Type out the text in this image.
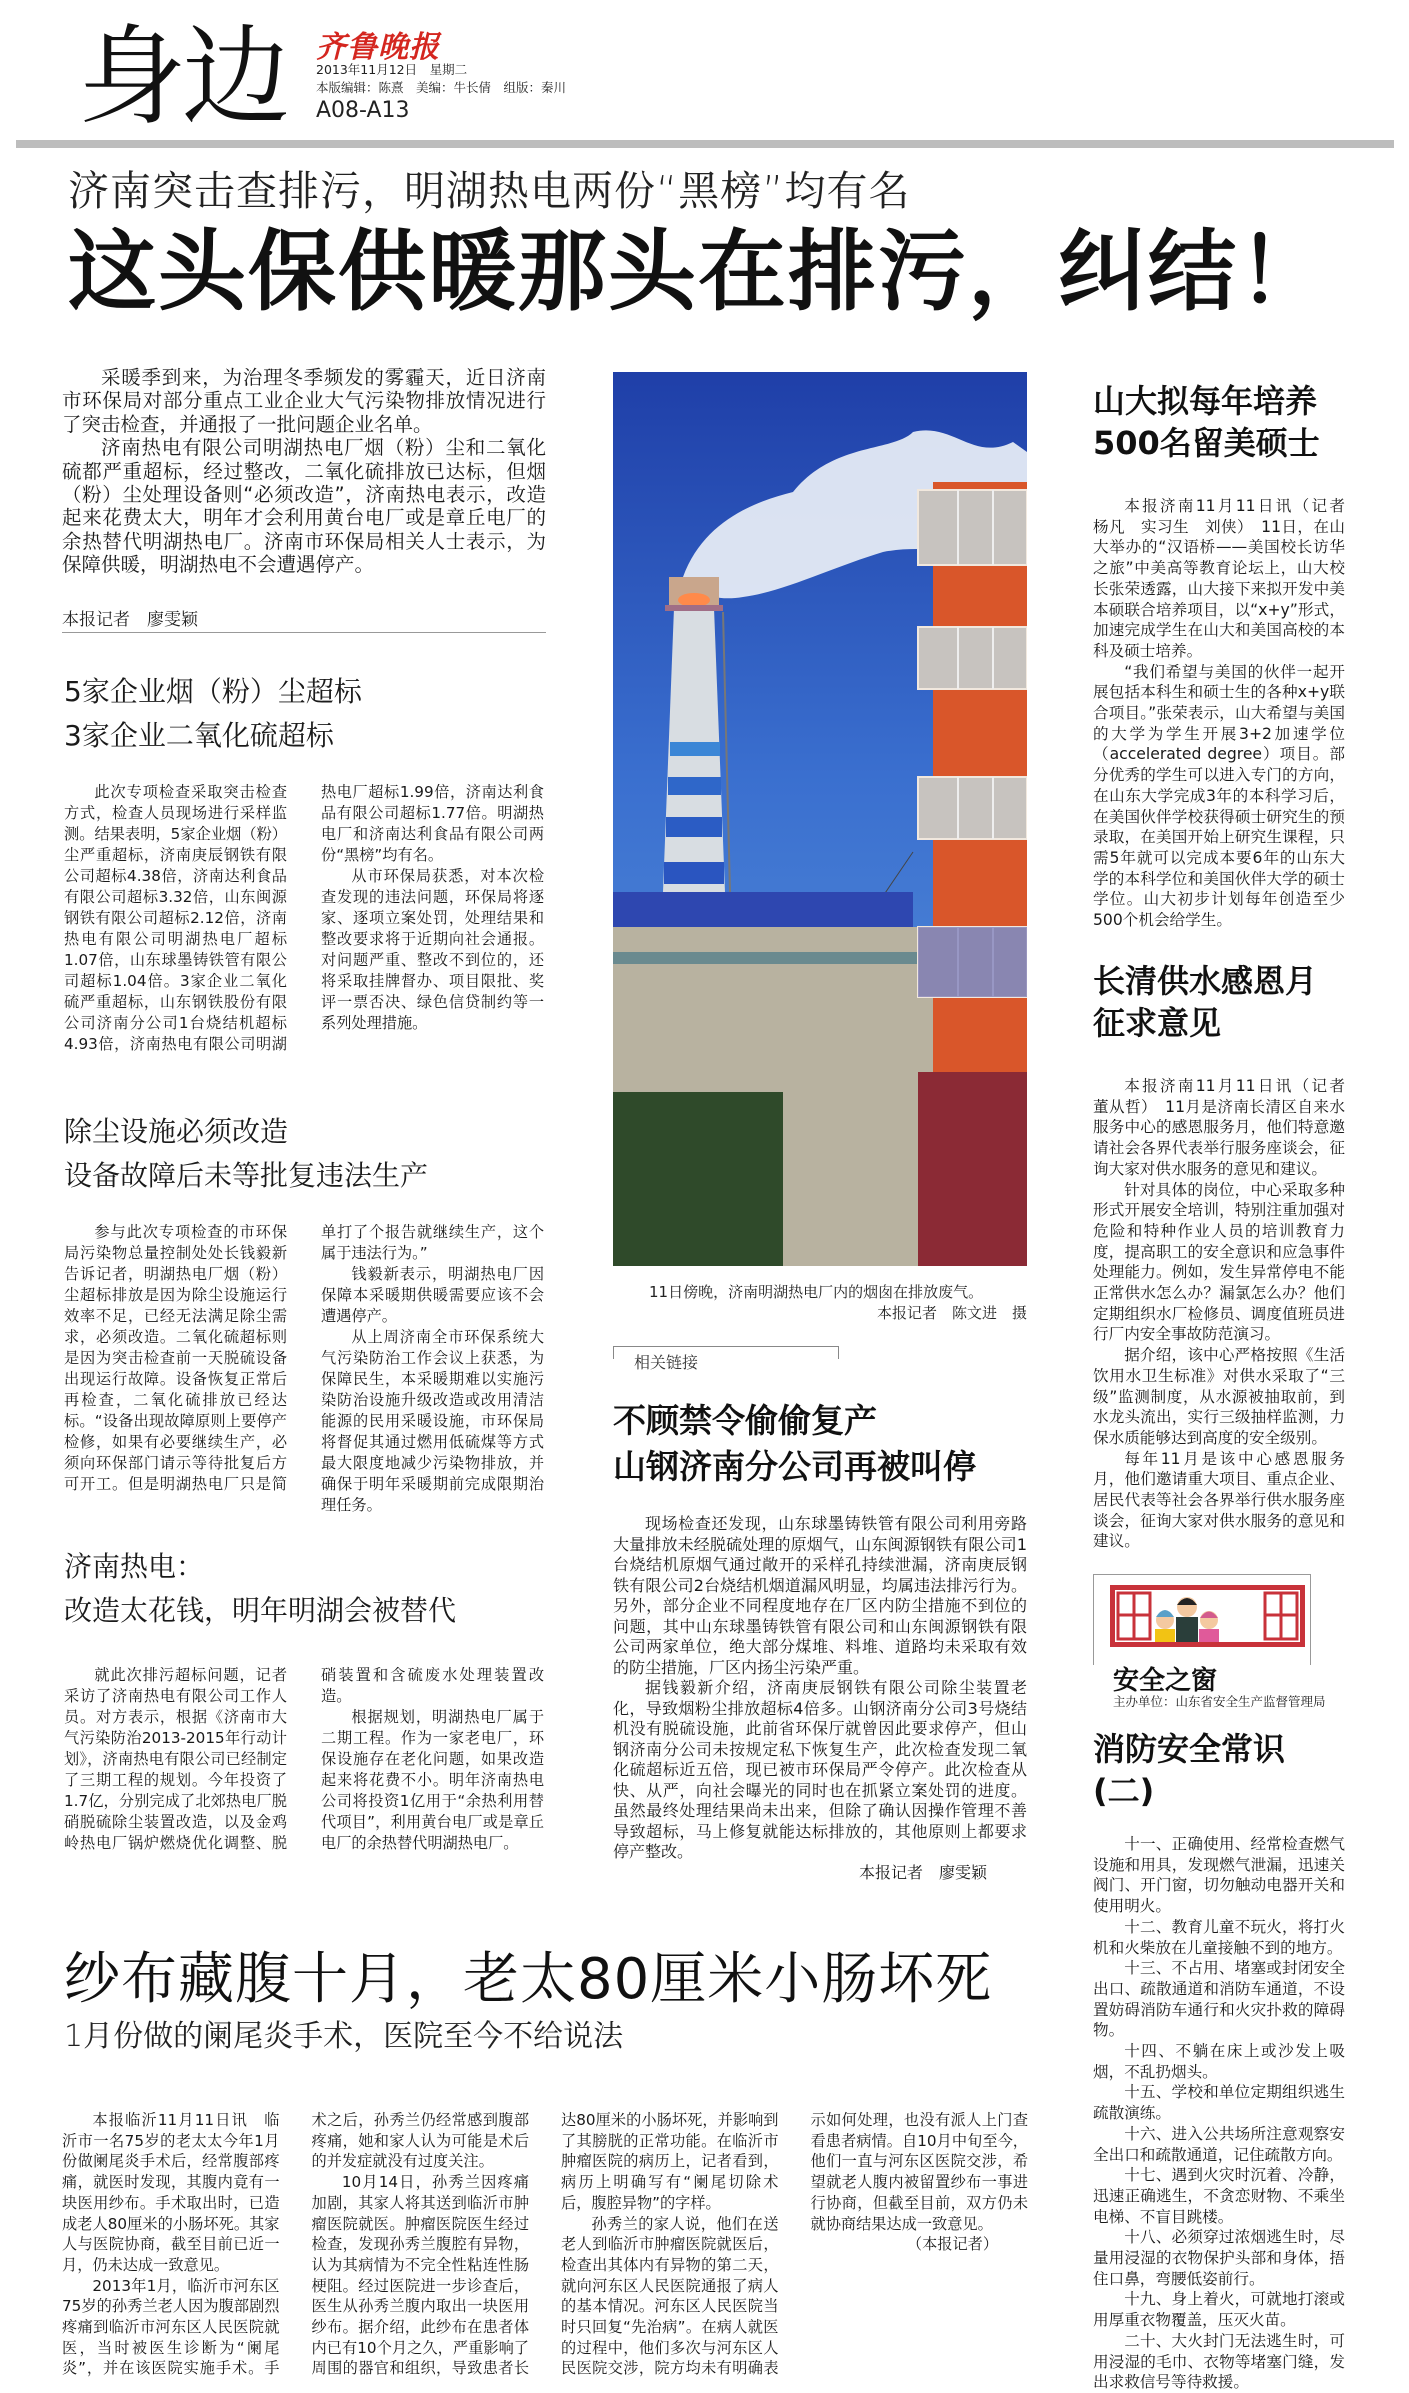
身边 齐鲁晚报
2013年11月12日　星期二
本版编辑：陈熹　美编：牛长倩　组版：秦川
A08-A13
济南突击查排污，明湖热电两份“黑榜”均有名
这头保供暖那头在排污，纠结！

采暖季到来，为治理冬季频发的雾霾天，近日济南市环保局对部分重点工业企业大气污染物排放情况进行了突击检查，并通报了一批问题企业名单。

济南热电有限公司明湖热电厂烟（粉）尘和二氧化硫都严重超标，经过整改，二氧化硫排放已达标，但烟（粉）尘处理设备则“必须改造”，济南热电表示，改造起来花费太大，明年才会利用黄台电厂或是章丘电厂的余热替代明湖热电厂。济南市环保局相关人士表示，为保障供暖，明湖热电不会遭遇停产。

本报记者　廖雯颖
5家企业烟（粉）尘超标
3家企业二氧化硫超标

此次专项检查采取突击检查方式，检查人员现场进行采样监测。结果表明，5家企业烟（粉）尘严重超标，济南庚辰钢铁有限公司超标4.38倍，济南达利食品有限公司超标3.32倍，山东闽源钢铁有限公司超标2.12倍，济南热电有限公司明湖热电厂超标1.07倍，山东球墨铸铁管有限公司超标1.04倍。3家企业二氧化硫严重超标，山东钢铁股份有限公司济南分公司1台烧结机超标4.93倍，济南热电有限公司明湖热电厂超标1.99倍，济南达利食品有限公司超标1.77倍。明湖热电厂和济南达利食品有限公司两份“黑榜”均有名。

从市环保局获悉，对本次检查发现的违法问题，环保局将逐家、逐项立案处罚，处理结果和整改要求将于近期向社会通报。对问题严重、整改不到位的，还将采取挂牌督办、项目限批、奖评一票否决、绿色信贷制约等一系列处理措施。

除尘设施必须改造
设备故障后未等批复违法生产

参与此次专项检查的市环保局污染物总量控制处处长钱毅新告诉记者，明湖热电厂烟（粉）尘超标排放是因为除尘设施运行效率不足，已经无法满足除尘需求，必须改造。二氧化硫超标则是因为突击检查前一天脱硫设备出现运行故障。设备恢复正常后再检查，二氧化硫排放已经达标。“设备出现故障原则上要停产检修，如果有必要继续生产，必须向环保部门请示等待批复后方可开工。但是明湖热电厂只是简单打了个报告就继续生产，这个属于违法行为。”

钱毅新表示，明湖热电厂因保障本采暖期供暖需要应该不会遭遇停产。

从上周济南全市环保系统大气污染防治工作会议上获悉，为保障民生，本采暖期难以实施污染防治设施升级改造或改用清洁能源的民用采暖设施，市环保局将督促其通过燃用低硫煤等方式最大限度地减少污染物排放，并确保于明年采暖期前完成限期治理任务。

济南热电：
改造太花钱，明年明湖会被替代

就此次排污超标问题，记者采访了济南热电有限公司工作人员。对方表示，根据《济南市大气污染防治2013-2015年行动计划》，济南热电有限公司已经制定了三期工程的规划。今年投资了1.7亿，分别完成了北郊热电厂脱硝脱硫除尘装置改造，以及金鸡岭热电厂锅炉燃烧优化调整、脱硝装置和含硫废水处理装置改造。

根据规划，明湖热电厂属于二期工程。作为一家老电厂，环保设施存在老化问题，如果改造起来将花费不小。明年济南热电公司将投资1亿用于“余热利用替代项目”，利用黄台电厂或是章丘电厂的余热替代明湖热电厂。

11日傍晚，济南明湖热电厂内的烟囱在排放废气。
本报记者　陈文进　摄
相关链接
不顾禁令偷偷复产
山钢济南分公司再被叫停

现场检查还发现，山东球墨铸铁管有限公司利用旁路大量排放未经脱硫处理的原烟气，山东闽源钢铁有限公司1台烧结机原烟气通过敞开的采样孔持续泄漏，济南庚辰钢铁有限公司2台烧结机烟道漏风明显，均属违法排污行为。另外，部分企业不同程度地存在厂区内防尘措施不到位的问题，其中山东球墨铸铁管有限公司和山东闽源钢铁有限公司两家单位，绝大部分煤堆、料堆、道路均未采取有效的防尘措施，厂区内扬尘污染严重。

据钱毅新介绍，济南庚辰钢铁有限公司除尘装置老化，导致烟粉尘排放超标4倍多。山钢济南分公司3号烧结机没有脱硫设施，此前省环保厅就曾因此要求停产，但山钢济南分公司未按规定私下恢复生产，此次检查发现二氧化硫超标近五倍，现已被市环保局严令停产。此次检查从快、从严，向社会曝光的同时也在抓紧立案处罚的进度。虽然最终处理结果尚未出来，但除了确认因操作管理不善导致超标，马上修复就能达标排放的，其他原则上都要求停产整改。

本报记者　廖雯颖

山大拟每年培养
500名留美硕士

本报济南11月11日讯（记者　杨凡　实习生　刘侠）　11日，在山大举办的“汉语桥——美国校长访华之旅”中美高等教育论坛上，山大校长张荣透露，山大接下来拟开发中美本硕联合培养项目，以“x+y”形式，加速完成学生在山大和美国高校的本科及硕士培养。

“我们希望与美国的伙伴一起开展包括本科生和硕士生的各种x+y联合项目。”张荣表示，山大希望与美国的大学为学生开展3+2加速学位（accelerated degree）项目。部分优秀的学生可以进入专门的方向，在山东大学完成3年的本科学习后，在美国伙伴学校获得硕士研究生的预录取，在美国开始上研究生课程，只需5年就可以完成本要6年的山东大学的本科学位和美国伙伴大学的硕士学位。山大初步计划每年创造至少500个机会给学生。

长清供水感恩月
征求意见

本报济南11月11日讯（记者　董从哲）　11月是济南长清区自来水服务中心的感恩服务月，他们特意邀请社会各界代表举行服务座谈会，征询大家对供水服务的意见和建议。

针对具体的岗位，中心采取多种形式开展安全培训，特别注重加强对危险和特种作业人员的培训教育力度，提高职工的安全意识和应急事件处理能力。例如，发生异常停电不能正常供水怎么办？漏氯怎么办？他们定期组织水厂检修员、调度值班员进行厂内安全事故防范演习。

据介绍，该中心严格按照《生活饮用水卫生标准》对供水采取了“三级”监测制度，从水源被抽取前，到水龙头流出，实行三级抽样监测，力保水质能够达到高度的安全级别。

每年11月是该中心感恩服务月，他们邀请重大项目、重点企业、居民代表等社会各界举行供水服务座谈会，征询大家对供水服务的意见和建议。

安全之窗
主办单位：山东省安全生产监督管理局
消防安全常识(二)

十一、正确使用、经常检查燃气设施和用具，发现燃气泄漏，迅速关阀门、开门窗，切勿触动电器开关和使用明火。

十二、教育儿童不玩火，将打火机和火柴放在儿童接触不到的地方。

十三、不占用、堵塞或封闭安全出口、疏散通道和消防车通道，不设置妨碍消防车通行和火灾扑救的障碍物。

十四、不躺在床上或沙发上吸烟，不乱扔烟头。

十五、学校和单位定期组织逃生疏散演练。

十六、进入公共场所注意观察安全出口和疏散通道，记住疏散方向。

十七、遇到火灾时沉着、冷静，迅速正确逃生，不贪恋财物、不乘坐电梯、不盲目跳楼。

十八、必须穿过浓烟逃生时，尽量用浸湿的衣物保护头部和身体，捂住口鼻，弯腰低姿前行。

十九、身上着火，可就地打滚或用厚重衣物覆盖，压灭火苗。

二十、大火封门无法逃生时，可用浸湿的毛巾、衣物等堵塞门缝，发出求救信号等待救援。

纱布藏腹十月，老太80厘米小肠坏死
1月份做的阑尾炎手术，医院至今不给说法

本报临沂11月11日讯　临沂市一名75岁的老太太今年1月份做阑尾炎手术后，经常腹部疼痛，就医时发现，其腹内竟有一块医用纱布。手术取出时，已造成老人80厘米的小肠坏死。其家人与医院协商，截至目前已近一月，仍未达成一致意见。

2013年1月，临沂市河东区75岁的孙秀兰老人因为腹部剧烈疼痛到临沂市河东区人民医院就医，当时被医生诊断为“阑尾炎”，并在该医院实施手术。手术之后，孙秀兰仍经常感到腹部疼痛，她和家人认为可能是术后的并发症就没有过度关注。

10月14日，孙秀兰因疼痛加剧，其家人将其送到临沂市肿瘤医院就医。肿瘤医院医生经过检查，发现孙秀兰腹腔有异物，认为其病情为不完全性粘连性肠梗阻。经过医院进一步诊查后，医生从孙秀兰腹内取出一块医用纱布。据介绍，此纱布在患者体内已有10个月之久，严重影响了周围的器官和组织，导致患者长达80厘米的小肠坏死，并影响到了其膀胱的正常功能。在临沂市肿瘤医院的病历上，记者看到，病历上明确写有“阑尾切除术后，腹腔异物”的字样。

孙秀兰的家人说，他们在送老人到临沂市肿瘤医院就医后，检查出其体内有异物的第二天，就向河东区人民医院通报了病人的基本情况。河东区人民医院当时只回复“先治病”。在病人就医的过程中，他们多次与河东区人民医院交涉，院方均未有明确表示如何处理，也没有派人上门查看患者病情。自10月中旬至今，他们一直与河东区医院交涉，希望就老人腹内被留置纱布一事进行协商，但截至目前，双方仍未就协商结果达成一致意见。

（本报记者）
